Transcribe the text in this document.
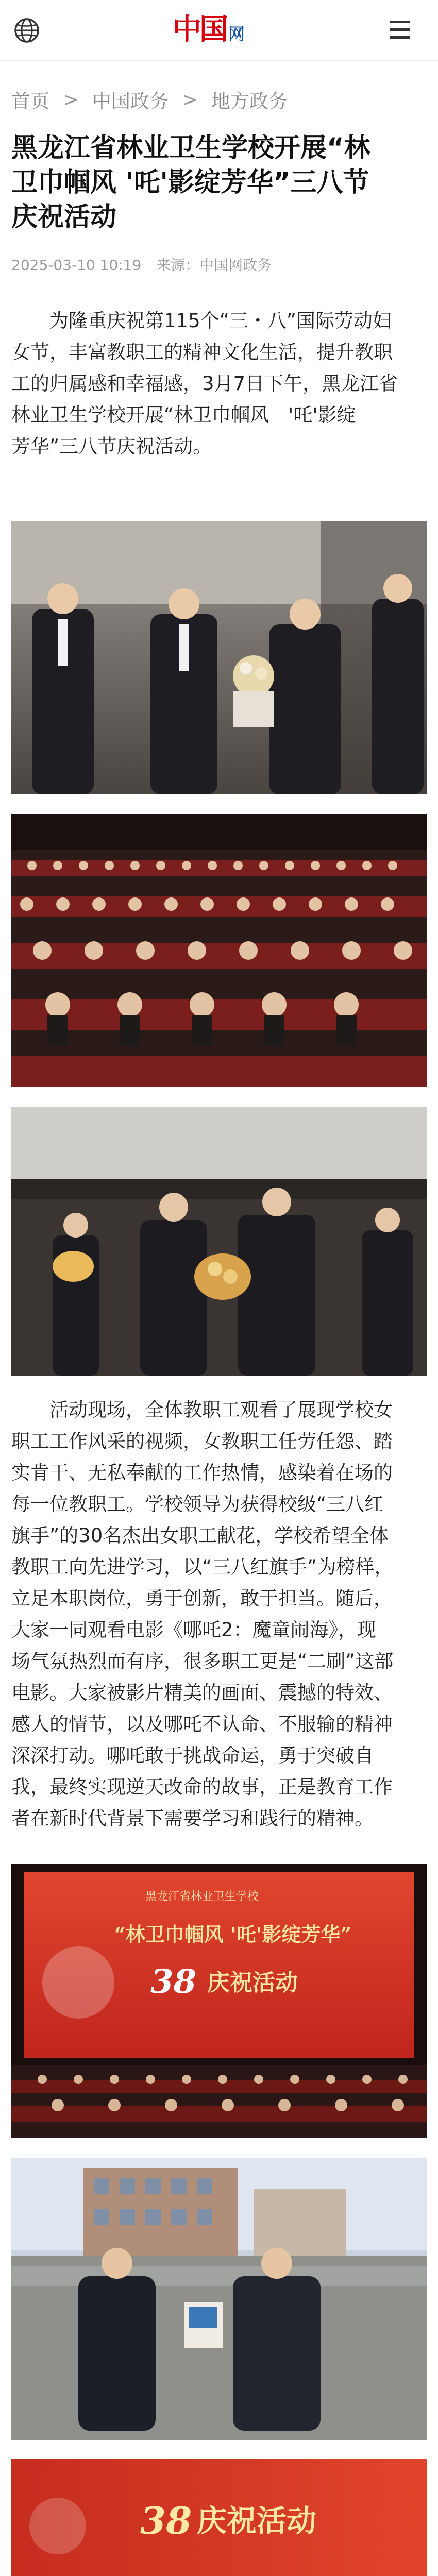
中国 网
首页 > 中国政务 > 地方政务
黑龙江省林业卫生学校开展“林
卫巾帼风 '吒'影绽芳华”三八节
庆祝活动
2025-03-10 10:19 来源：中国网政务
　　为隆重庆祝第115个“三・八”国际劳动妇
女节，丰富教职工的精神文化生活，提升教职
工的归属感和幸福感，3月7日下午，黑龙江省
林业卫生学校开展“林卫巾帼风　'吒'影绽
芳华”三八节庆祝活动。
　　活动现场，全体教职工观看了展现学校女
职工工作风采的视频，女教职工任劳任怨、踏
实肯干、无私奉献的工作热情，感染着在场的
每一位教职工。学校领导为获得校级“三八红
旗手”的30名杰出女职工献花，学校希望全体
教职工向先进学习，以“三八红旗手”为榜样，
立足本职岗位，勇于创新，敢于担当。随后，
大家一同观看电影《哪吒2：魔童闹海》，现
场气氛热烈而有序，很多职工更是“二刷”这部
电影。大家被影片精美的画面、震撼的特效、
感人的情节，以及哪吒不认命、不服输的精神
深深打动。哪吒敢于挑战命运，勇于突破自
我，最终实现逆天改命的故事，正是教育工作
者在新时代背景下需要学习和践行的精神。
黑龙江省林业卫生学校
“林卫巾帼风 '吒'影绽芳华”
38 庆祝活动
38 庆祝活动
